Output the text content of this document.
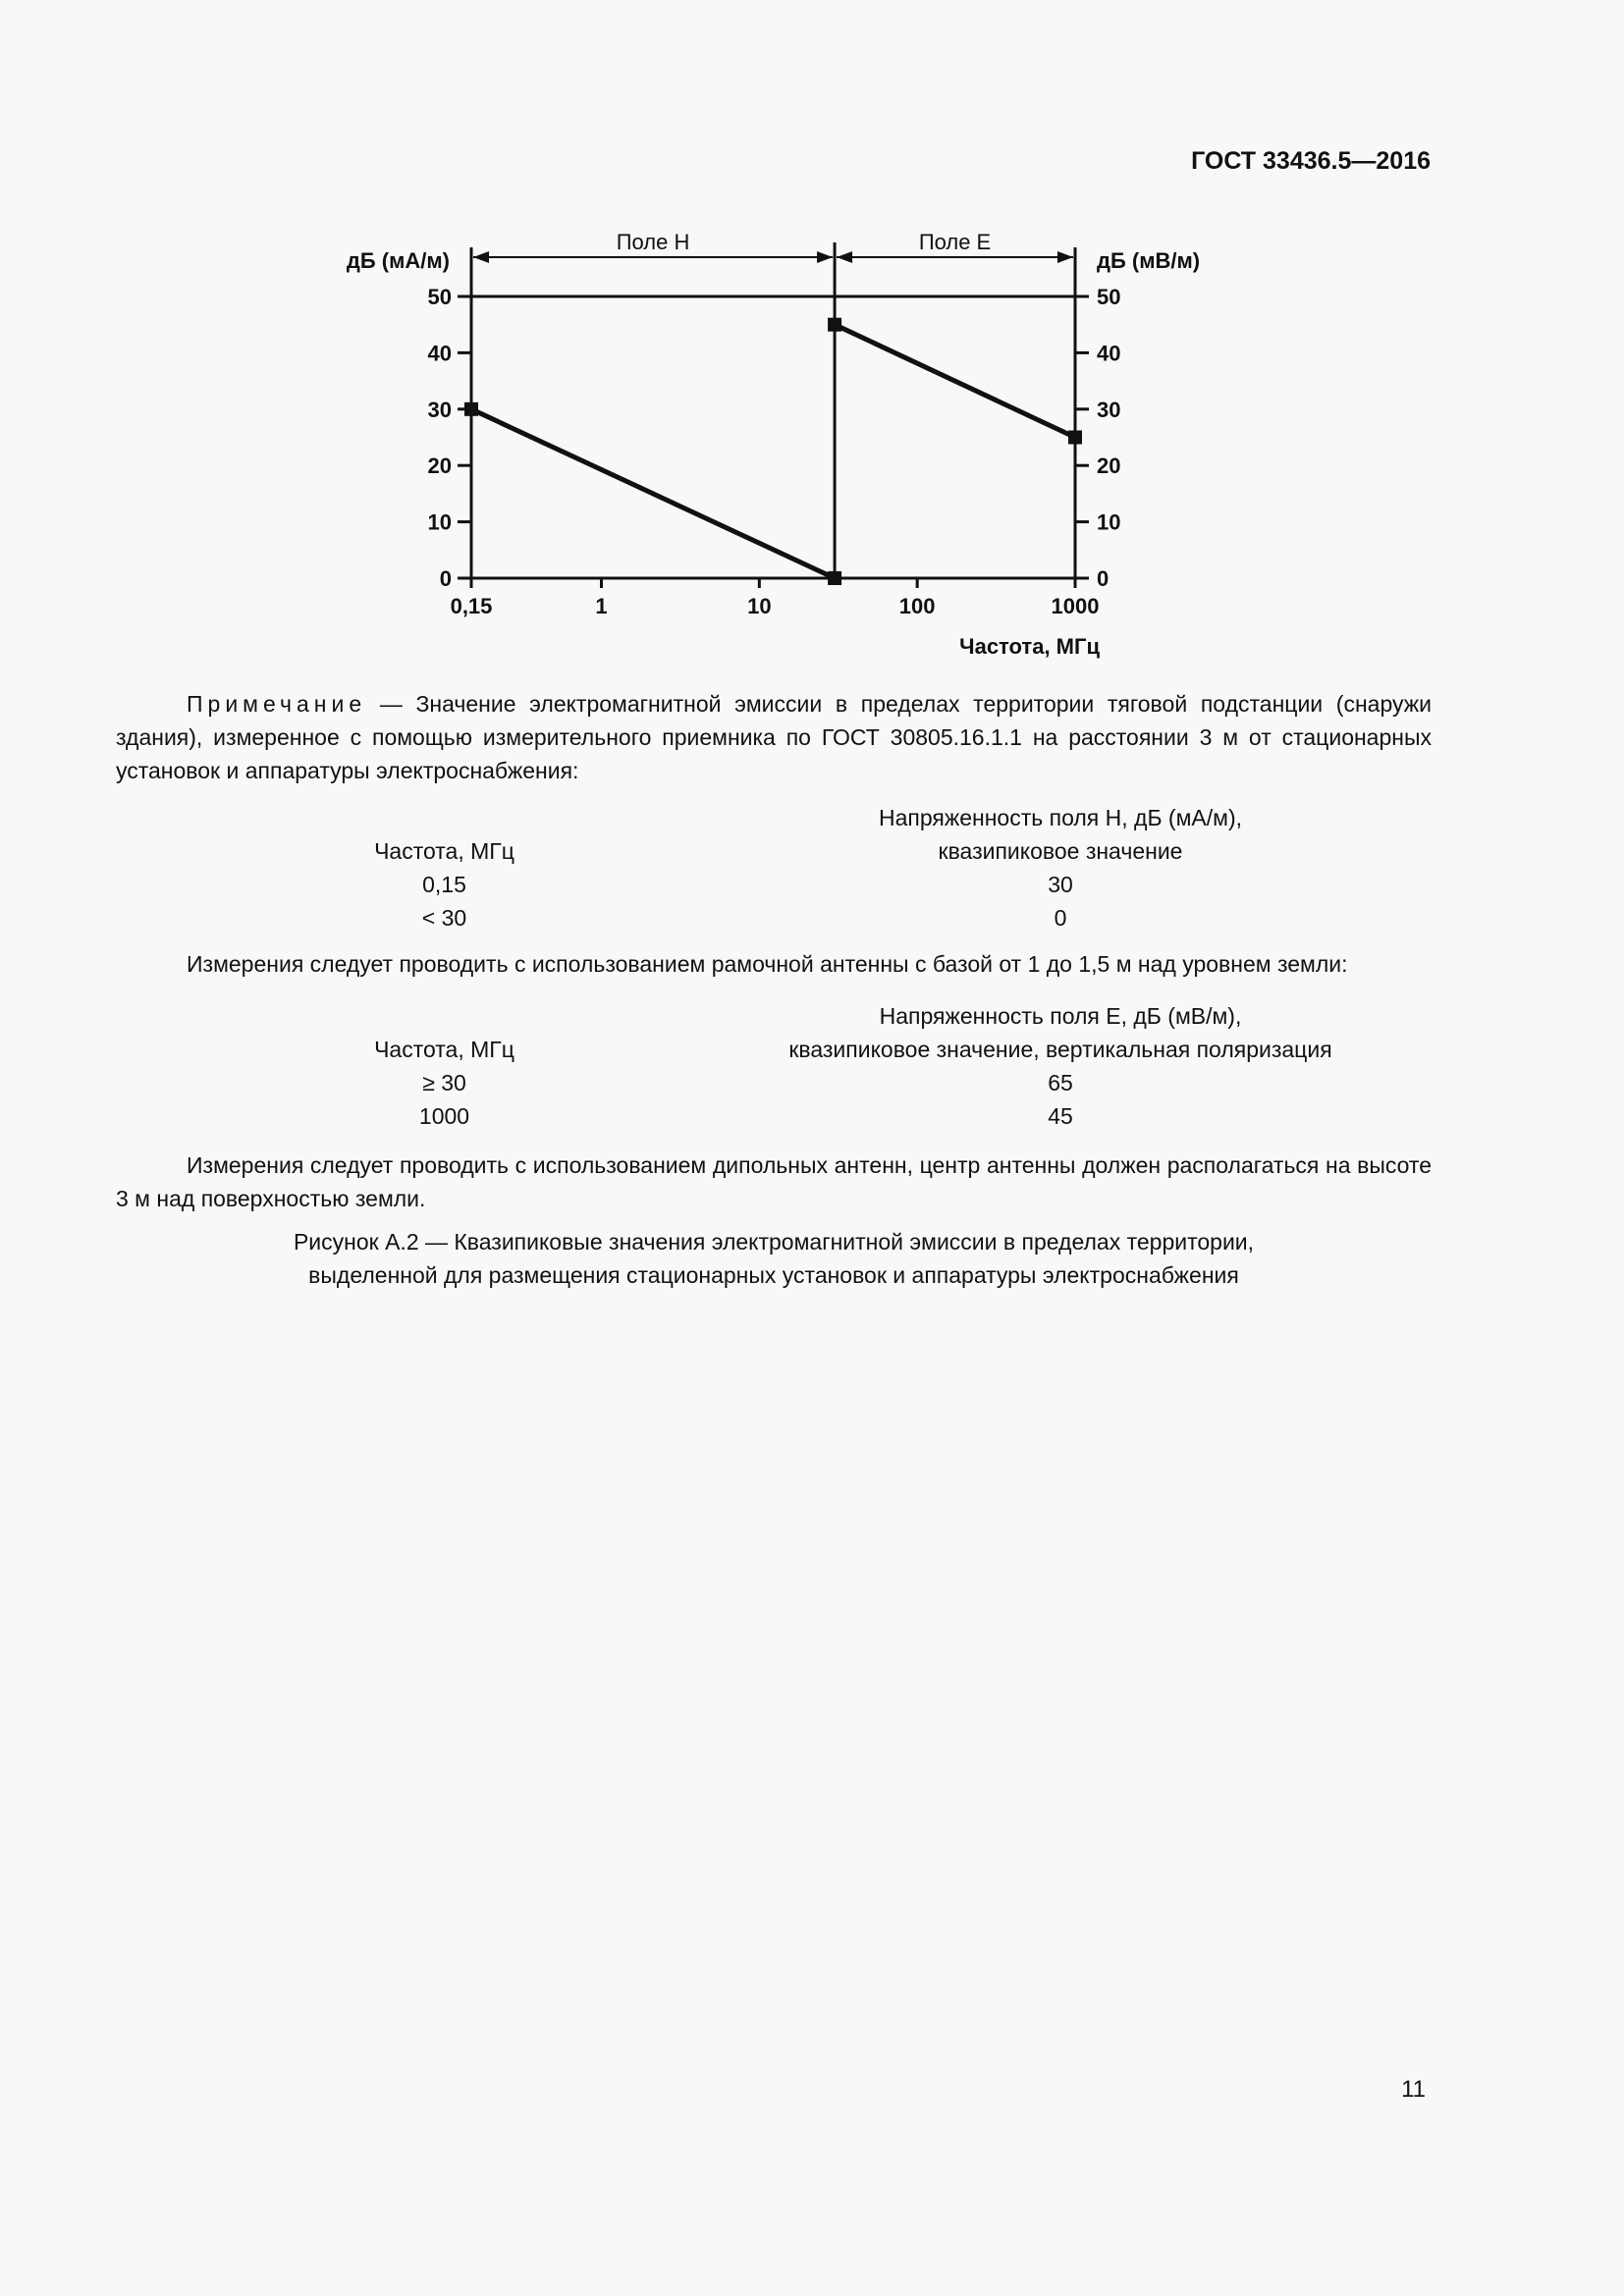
ГОСТ 33436.5—2016
0	0
10	10
20	20
30	30
40	40
50	50
0,15	1	10	100	1000
дБ (мА/м)	дБ (мВ/м)
Частота, МГц
Поле H	Поле E
Примечание — Значение электромагнитной эмиссии в пределах территории тяговой подстанции (снаружи здания), измеренное с помощью измерительного приемника по ГОСТ 30805.16.1.1 на расстоянии 3 м от стационарных установок и аппаратуры электроснабжения:
Частота, МГц
Напряженность поля H, дБ (мА/м),
квазипиковое значение
0,15	30
< 30	0
Измерения следует проводить с использованием рамочной антенны с базой от 1 до 1,5 м над уровнем земли:
Частота, МГц
Напряженность поля E, дБ (мВ/м),
квазипиковое значение, вертикальная поляризация
≥ 30	65
1000	45
Измерения следует проводить с использованием дипольных антенн, центр антенны должен располагаться на высоте 3 м над поверхностью земли.
Рисунок А.2 — Квазипиковые значения электромагнитной эмиссии в пределах территории,
выделенной для размещения стационарных установок и аппаратуры электроснабжения
11
